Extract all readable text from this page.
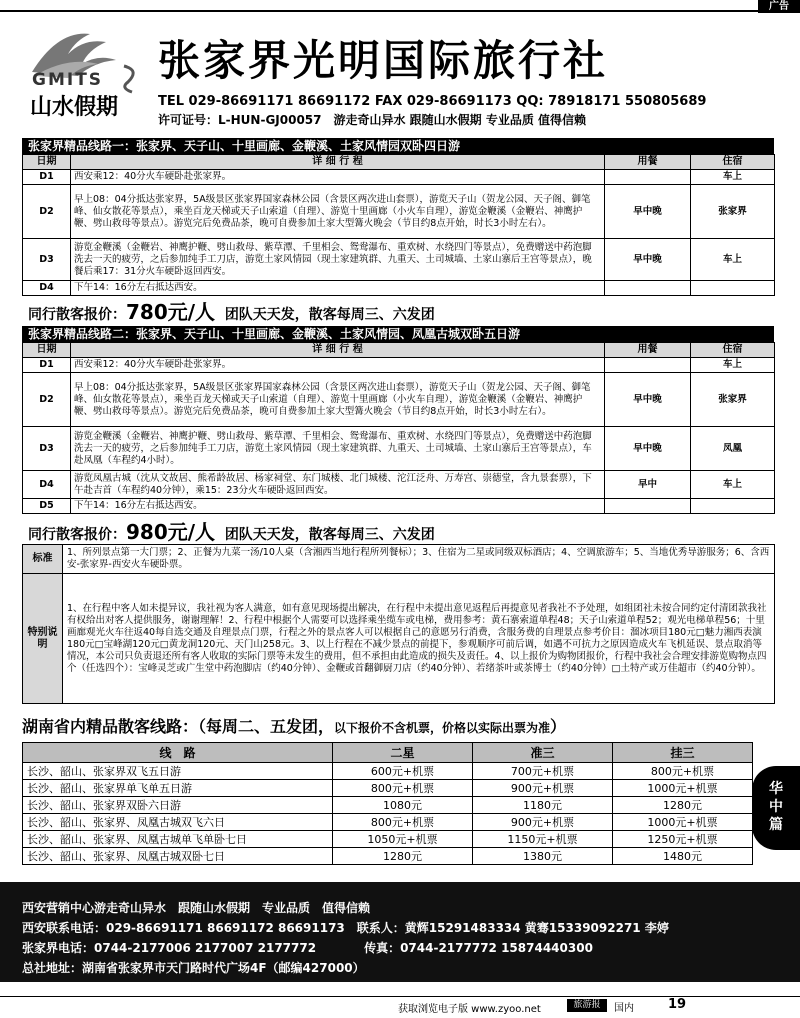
广告
GMITS
山水假期
张家界光明国际旅行社
TEL 029-86691171 86691172 FAX 029-86691173 QQ: 78918171 550805689
许可证号：L-HUN-GJ00057　游走奇山异水 跟随山水假期 专业品质 值得信赖
张家界精品线路一：张家界、天子山、十里画廊、金鞭溪、土家风情园双卧四日游
日期	详 细 行 程	用餐	住宿
D1	西安乘12：40分火车硬卧赴张家界。		车上
D2	早上08：04分抵达张家界，5A级景区张家界国家森林公园（含景区两次进山套票），游览天子山（贺龙公园、天子阁、御笔峰、仙女散花等景点），乘坐百龙天梯或天子山索道（自理）、游览十里画廊（小火车自理），游览金鞭溪（金鞭岩、神鹰护鞭、劈山救母等景点）。游览完后免费品茶，晚可自费参加土家大型篝火晚会（节目约8点开始，时长3小时左右）。	早中晚	张家界
D3	游览金鞭溪（金鞭岩、神鹰护鞭、劈山救母、紫草潭、千里相会、鸳鸯瀑布、重欢树、水绕四门等景点），免费赠送中药泡脚洗去一天的疲劳，之后参加纯手工刀店，游览土家风情园（现土家建筑群、九重天、土司城墙、土家山寨后王宫等景点），晚餐后乘17：31分火车硬卧返回西安。	早中晚	车上
D4	下午14：16分左右抵达西安。		
同行散客报价：780元/人 团队天天发，散客每周三、六发团
张家界精品线路二：张家界、天子山、十里画廊、金鞭溪、土家风情园、凤凰古城双卧五日游
日期	详 细 行 程	用餐	住宿
D1	西安乘12：40分火车硬卧赴张家界。		车上
D2	早上08：04分抵达张家界，5A级景区张家界国家森林公园（含景区两次进山套票），游览天子山（贺龙公园、天子阁、御笔峰、仙女散花等景点），乘坐百龙天梯或天子山索道（自理）、游览十里画廊（小火车自理），游览金鞭溪（金鞭岩、神鹰护鞭、劈山救母等景点）。游览完后免费品茶，晚可自费参加土家大型篝火晚会（节目约8点开始，时长3小时左右）。	早中晚	张家界
D3	游览金鞭溪（金鞭岩、神鹰护鞭、劈山救母、紫草潭、千里相会、鸳鸯瀑布、重欢树、水绕四门等景点），免费赠送中药泡脚洗去一天的疲劳，之后参加纯手工刀店，游览土家风情园（现土家建筑群、九重天、土司城墙、土家山寨后王宫等景点），车赴凤凰（车程约4小时）。	早中晚	凤凰
D4	游览凤凰古城（沈从文故居、熊希龄故居、杨家祠堂、东门城楼、北门城楼、沱江泛舟、万寿宫、崇德堂，含九景套票），下午赴吉首（车程约40分钟），乘15：23分火车硬卧返回西安。	早中	车上
D5	下午14：16分左右抵达西安。		
同行散客报价：980元/人 团队天天发，散客每周三、六发团
标准	1、所列景点第一大门票；2、正餐为九菜一汤/10人桌（含湘西当地行程所列餐标）；3、住宿为二星或同级双标酒店；4、空调旅游车；5、当地优秀导游服务；6、含西安-张家界-西安火车硬卧票。
特别说明	1、在行程中客人如未提异议，我社视为客人满意，如有意见现场提出解决，在行程中未提出意见返程后再提意见者我社不予处理，如组团社未按合同约定付清团款我社有权给出对客人提供服务，谢谢理解！2、行程中根据个人需要可以选择乘坐缆车或电梯，费用参考：黄石寨索道单程48；天子山索道单程52；观光电梯单程56；十里画廊观光火车往返40每自选交通及自理景点门票，行程之外的景点客人可以根据自己的意愿另行消费，含服务费的自理景点参考价目：溜冰项目180元□魅力湘西表演180元□宝峰湖120元□黄龙洞120元、天门山258元。3、以上行程在不减少景点的前提下，参观顺序可前后调，如遇不可抗力之原因造成火车飞机延误、景点取消等情况，本公司只负责退还所有客人收取的实际门票等未发生的费用，但不承担由此造成的损失及责任。4、以上报价为购物团报价，行程中我社会合理安排游览购物点四个（任选四个）：宝峰灵芝或广生堂中药泡脚店（约40分钟）、金鞭或首翻御厨刀店（约40分钟）、若绪茶叶或茶博士（约40分钟）□土特产或万佳超市（约40分钟）。
湖南省内精品散客线路：（每周二、五发团，以下报价不含机票，价格以实际出票为准）
线　路	二星	准三	挂三
长沙、韶山、张家界双飞五日游	600元+机票	700元+机票	800元+机票
长沙、韶山、张家界单飞单五日游	800元+机票	900元+机票	1000元+机票
长沙、韶山、张家界双卧六日游	1080元	1180元	1280元
长沙、韶山、张家界、凤凰古城双飞六日	800元+机票	900元+机票	1000元+机票
长沙、韶山、张家界、凤凰古城单飞单卧七日	1050元+机票	1150元+机票	1250元+机票
长沙、韶山、张家界、凤凰古城双卧七日	1280元	1380元	1480元
华中篇
西安营销中心游走奇山异水　跟随山水假期　专业品质　值得信赖
西安联系电话：029-86691171 86691172 86691173　联系人：黄辉15291483334 黄骞15339092271 李婷
张家界电话：0744-2177006 2177007 2177772　　　　传真：0744-2177772 15874440300
总社地址：湖南省张家界市天门路时代广场4F（邮编427000）
获取浏览电子版 www.zyoo.net	旅游报	国内	19
